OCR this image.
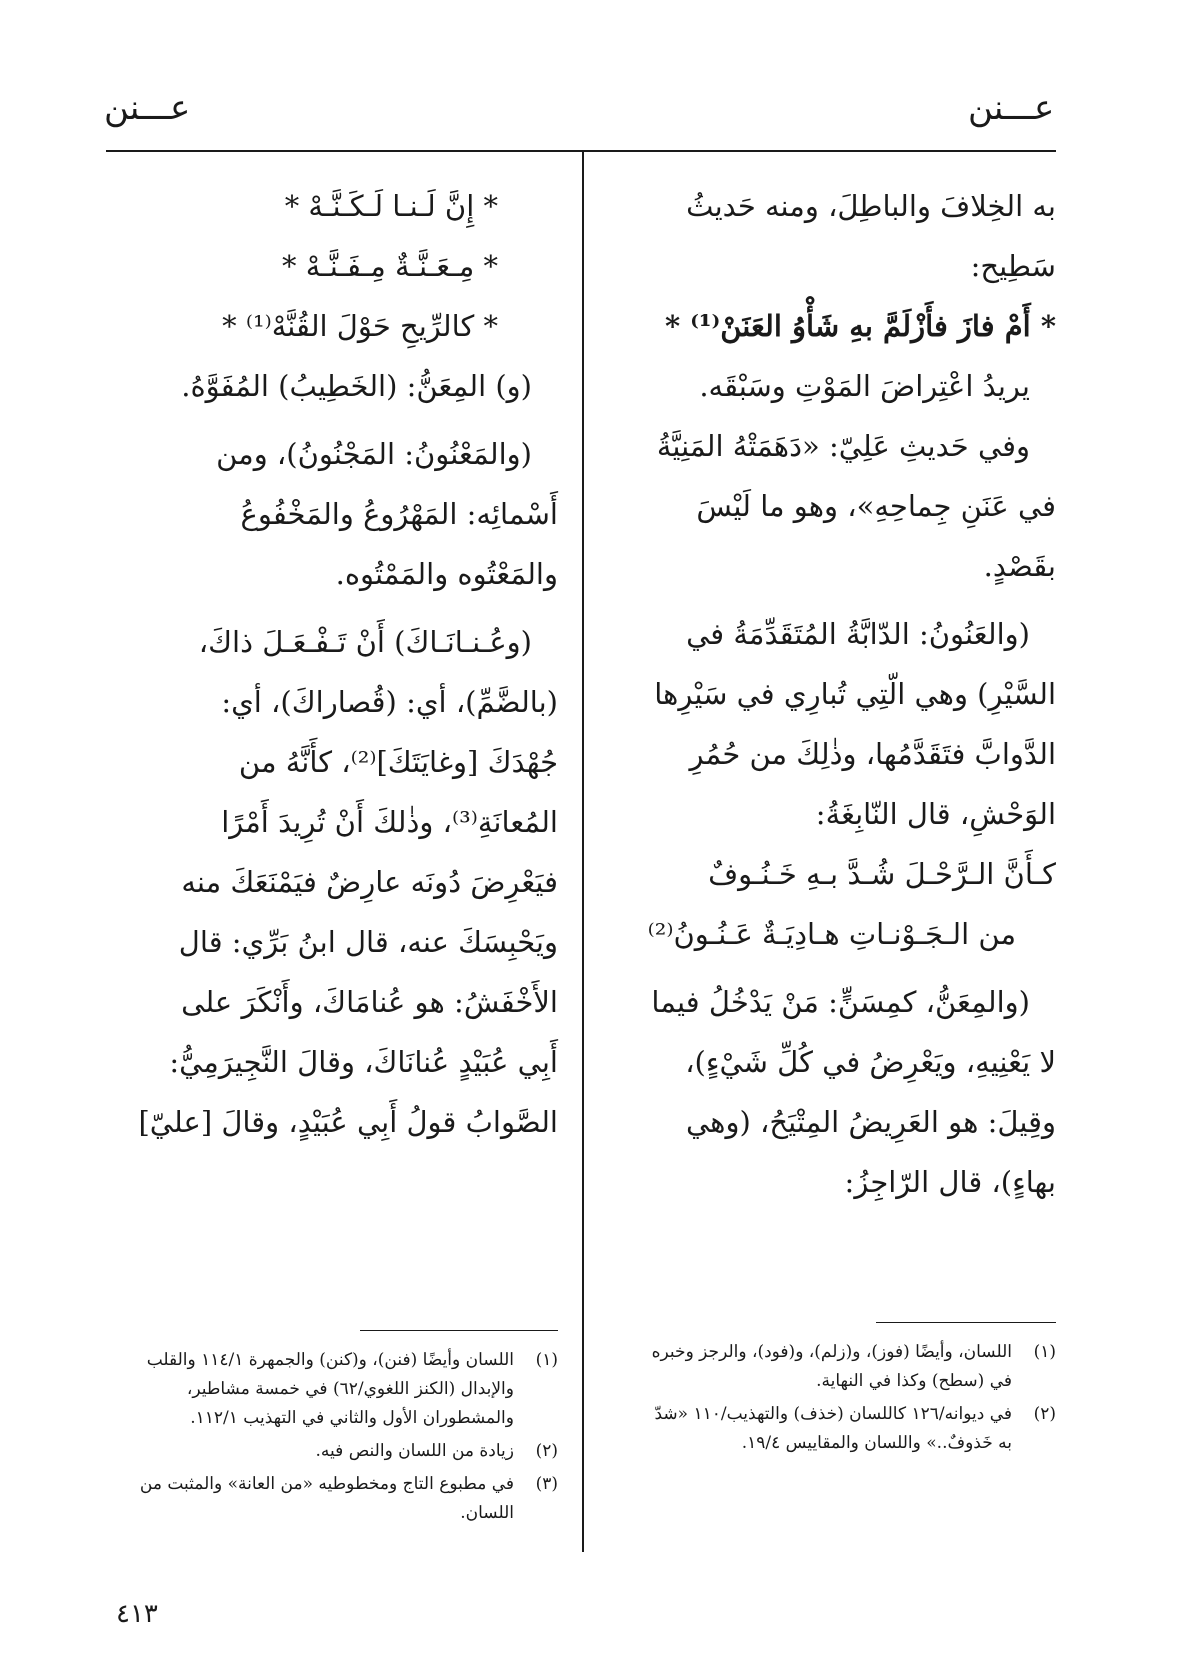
عـــنن
عـــنن
به الخِلافَ والباطِلَ، ومنه حَديثُ
سَطِيح:
* أَمْ فازَ فأَزْلَمَّ بهِ شَأْوُ العَنَنْ⁽¹⁾ *
يريدُ اعْتِراضَ المَوْتِ وسَبْقَه.
وفي حَديثِ عَلِيّ: «دَهَمَتْهُ المَنِيَّةُ
في عَنَنِ جِماحِهِ»، وهو ما لَيْسَ
بقَصْدٍ.
(والعَنُونُ: الدّابَّةُ المُتَقَدِّمَةُ في
السَّيْرِ) وهي الّتِي تُبارِي في سَيْرِها
الدَّوابَّ فتَقَدَّمُها، وذٰلِكَ من حُمُرِ
الوَحْشِ، قال النّابِغَةُ:
كـأَنَّ الـرَّحْـلَ شُـدَّ بـهِ خَـنُـوفٌ
من الـجَـوْنـاتِ هـادِيَـةٌ عَـنُـونُ⁽²⁾
(والمِعَنُّ، كمِسَنٍّ: مَنْ يَدْخُلُ فيما
لا يَعْنِيهِ، ويَعْرِضُ في كُلِّ شَيْءٍ)،
وقِيلَ: هو العَرِيضُ المِتْيَحُ، (وهي
بهاءٍ)، قال الرّاجِزُ:
* إِنَّ لَـنـا لَـكَـنَّـهْ *
* مِـعَـنَّـةٌ مِـفَـنَّـهْ *
* كالرِّيحِ حَوْلَ القُنَّهْ⁽¹⁾ *
(و) المِعَنُّ: (الخَطِيبُ) المُفَوَّهُ.
(والمَعْنُونُ: المَجْنُونُ)، ومن
أَسْمائِه: المَهْرُوعُ والمَخْفُوعُ
والمَعْتُوه والمَمْتُوه.
(وعُـنـانَـاكَ) أَنْ تَـفْـعَـلَ ذاكَ،
(بالضَّمِّ)، أي: (قُصاراكَ)، أي:
جُهْدَكَ [وغايَتَكَ]⁽²⁾، كأَنَّهُ من
المُعانَةِ⁽³⁾، وذٰلكَ أَنْ تُرِيدَ أَمْرًا
فيَعْرِضَ دُونَه عارِضٌ فيَمْنَعَكَ منه
ويَحْبِسَكَ عنه، قال ابنُ بَرِّي: قال
الأَخْفَشُ: هو عُنامَاكَ، وأَنْكَرَ على
أَبِي عُبَيْدٍ عُنانَاكَ، وقالَ النَّجِيرَمِيُّ:
الصَّوابُ قولُ أَبِي عُبَيْدٍ، وقالَ [عليّ]
(١)
اللسان، وأيضًا (فوز)، و(زلم)، و(فود)، والرجز وخبره في (سطح) وكذا في النهاية.
(٢)
في ديوانه/١٢٦ كاللسان (خذف) والتهذيب/١١٠ «شدّ به خَذوفٌ..» واللسان والمقاييس ١٩/٤.
(١)
اللسان وأيضًا (فنن)، و(كنن) والجمهرة ١١٤/١ والقلب والإبدال (الكنز اللغوي/٦٢) في خمسة مشاطير، والمشطوران الأول والثاني في التهذيب ١١٢/١.
(٢)
زيادة من اللسان والنص فيه.
(٣)
في مطبوع التاج ومخطوطيه «من العانة» والمثبت من اللسان.
٤١٣
